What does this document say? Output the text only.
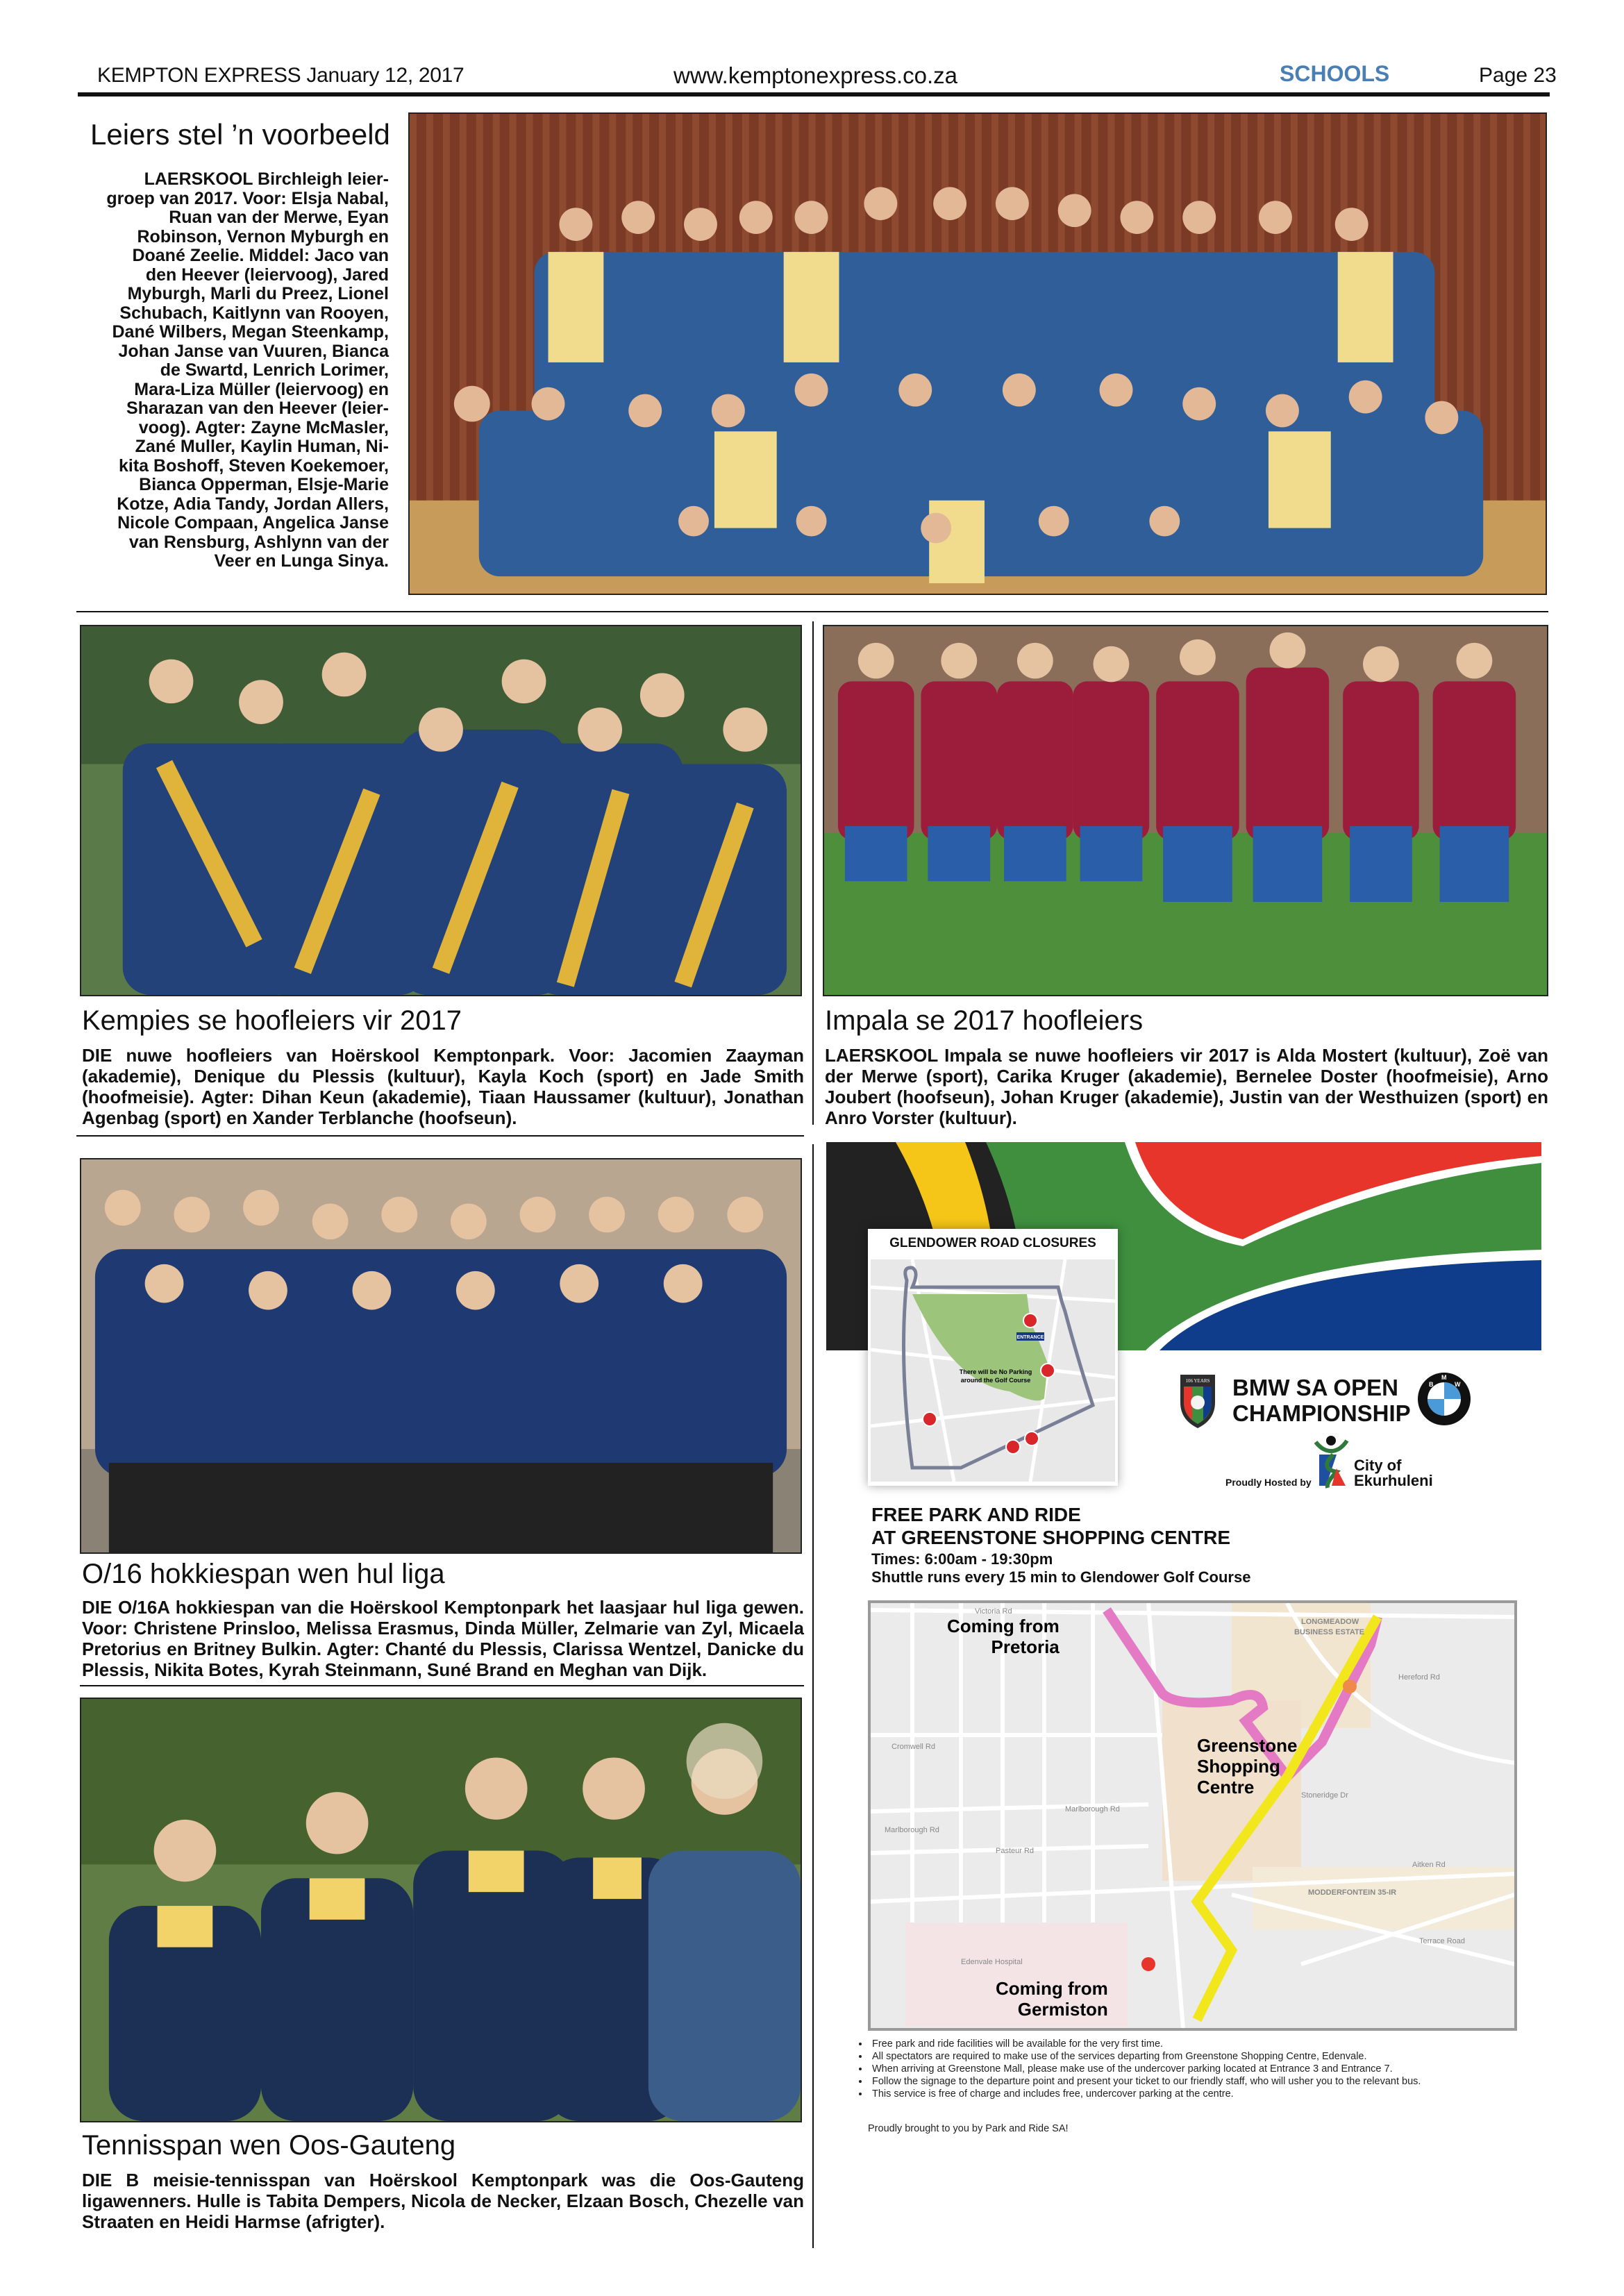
KEMPTON EXPRESS January 12, 2017	www.kemptonexpress.co.za	SCHOOLS	Page 23
Leiers stel ’n voorbeeld
LAERSKOOL Birchleigh leier-
groep van 2017. Voor: Elsja Nabal,
Ruan van der Merwe, Eyan
Robinson, Vernon Myburgh en
Doané Zeelie. Middel: Jaco van
den Heever (leiervoog), Jared
Myburgh, Marli du Preez, Lionel
Schubach, Kaitlynn van Rooyen,
Dané Wilbers, Megan Steenkamp,
Johan Janse van Vuuren, Bianca
de Swartd, Lenrich Lorimer,
Mara-Liza Müller (leiervoog) en
Sharazan van den Heever (leier-
voog). Agter: Zayne McMasler,
Zané Muller, Kaylin Human, Ni-
kita Boshoff, Steven Koekemoer,
Bianca Opperman, Elsje-Marie
Kotze, Adia Tandy, Jordan Allers,
Nicole Compaan, Angelica Janse
van Rensburg, Ashlynn van der
Veer en Lunga Sinya.
Kempies se hoofleiers vir 2017
DIE nuwe hoofleiers van Hoërskool Kemptonpark. Voor: Jacomien Zaayman (akademie), Denique du Plessis (kultuur), Kayla Koch (sport) en Jade Smith (hoofmeisie). Agter: Dihan Keun (akademie), Tiaan Haussamer (kultuur), Jonathan Agenbag (sport) en Xander Terblanche (hoofseun).
Impala se 2017 hoofleiers
LAERSKOOL Impala se nuwe hoofleiers vir 2017 is Alda Mostert (kultuur), Zoë van der Merwe (sport), Carika Kruger (akademie), Bernelee Doster (hoofmeisie), Arno Joubert (hoofseun), Johan Kruger (akademie), Justin van der Westhuizen (sport) en Anro Vorster (kultuur).
O/16 hokkiespan wen hul liga
DIE O/16A hokkiespan van die Hoërskool Kemptonpark het laasjaar hul liga gewen. Voor: Christene Prinsloo, Melissa Erasmus, Dinda Müller, Zelmarie van Zyl, Micaela Pretorius en Britney Bulkin. Agter: Chanté du Plessis, Clarissa Wentzel, Danicke du Plessis, Nikita Botes, Kyrah Steinmann, Suné Brand en Meghan van Dijk.
Tennisspan wen Oos-Gauteng
DIE B meisie-tennisspan van Hoërskool Kemptonpark was die Oos-Gauteng ligawenners. Hulle is Tabita Dempers, Nicola de Necker, Elzaan Bosch, Chezelle van Straaten en Heidi Harmse (afrigter).
GLENDOWER ROAD CLOSURES
ENTRANCE
There will be No Parking
around the Golf Course	106 YEARS BMW SA OPEN
CHAMPIONSHIP
B
M
W
Proudly Hosted by
City of
Ekurhuleni
FREE PARK AND RIDE
AT GREENSTONE SHOPPING CENTRE
Times: 6:00am - 19:30pm
Shuttle runs every 15 min to Glendower Golf Course
Victoria Rd
LONGMEADOW
BUSINESS ESTATE
Cromwell Rd
Marlborough Rd
Marlborough Rd
Pasteur Rd
Edenvale Hospital
MODDERFONTEIN 35-IR
Aitken Rd
Terrace Road
Stoneridge Dr
Hereford Rd
Coming from
Pretoria
Greenstone
Shopping
Centre
Coming from
Germiston
• Free park and ride facilities will be available for the very first time.
• All spectators are required to make use of the services departing from Greenstone Shopping Centre, Edenvale.
• When arriving at Greenstone Mall, please make use of the undercover parking located at Entrance 3 and Entrance 7.
• Follow the signage to the departure point and present your ticket to our friendly staff, who will usher you to the relevant bus.
• This service is free of charge and includes free, undercover parking at the centre.
Proudly brought to you by Park and Ride SA!
